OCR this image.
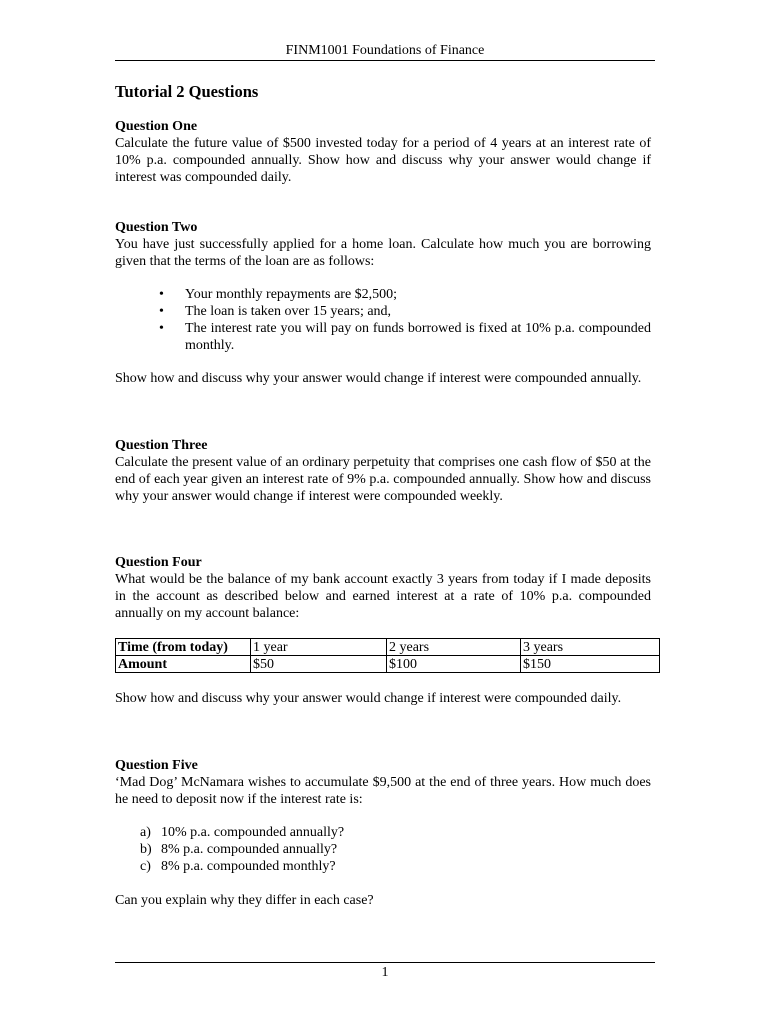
FINM1001 Foundations of Finance
Tutorial 2 Questions
Question One
Calculate the future value of $500 invested today for a period of 4 years at an interest rate of 10% p.a. compounded annually. Show how and discuss why your answer would change if interest was compounded daily.
Question Two
You have just successfully applied for a home loan. Calculate how much you are borrowing given that the terms of the loan are as follows:
• Your monthly repayments are $2,500;
• The loan is taken over 15 years; and,
• The interest rate you will pay on funds borrowed is fixed at 10% p.a. compounded monthly.
Show how and discuss why your answer would change if interest were compounded annually.
Question Three
Calculate the present value of an ordinary perpetuity that comprises one cash flow of $50 at the end of each year given an interest rate of 9% p.a. compounded annually. Show how and discuss why your answer would change if interest were compounded weekly.
Question Four
What would be the balance of my bank account exactly 3 years from today if I made deposits in the account as described below and earned interest at a rate of 10% p.a. compounded annually on my account balance:
Time (from today)	1 year	2 years	3 years
Amount	$50	$100	$150
Show how and discuss why your answer would change if interest were compounded daily.
Question Five
‘Mad Dog’ McNamara wishes to accumulate $9,500 at the end of three years. How much does he need to deposit now if the interest rate is:
a) 10% p.a. compounded annually?
b) 8% p.a. compounded annually?
c) 8% p.a. compounded monthly?
Can you explain why they differ in each case?
1
